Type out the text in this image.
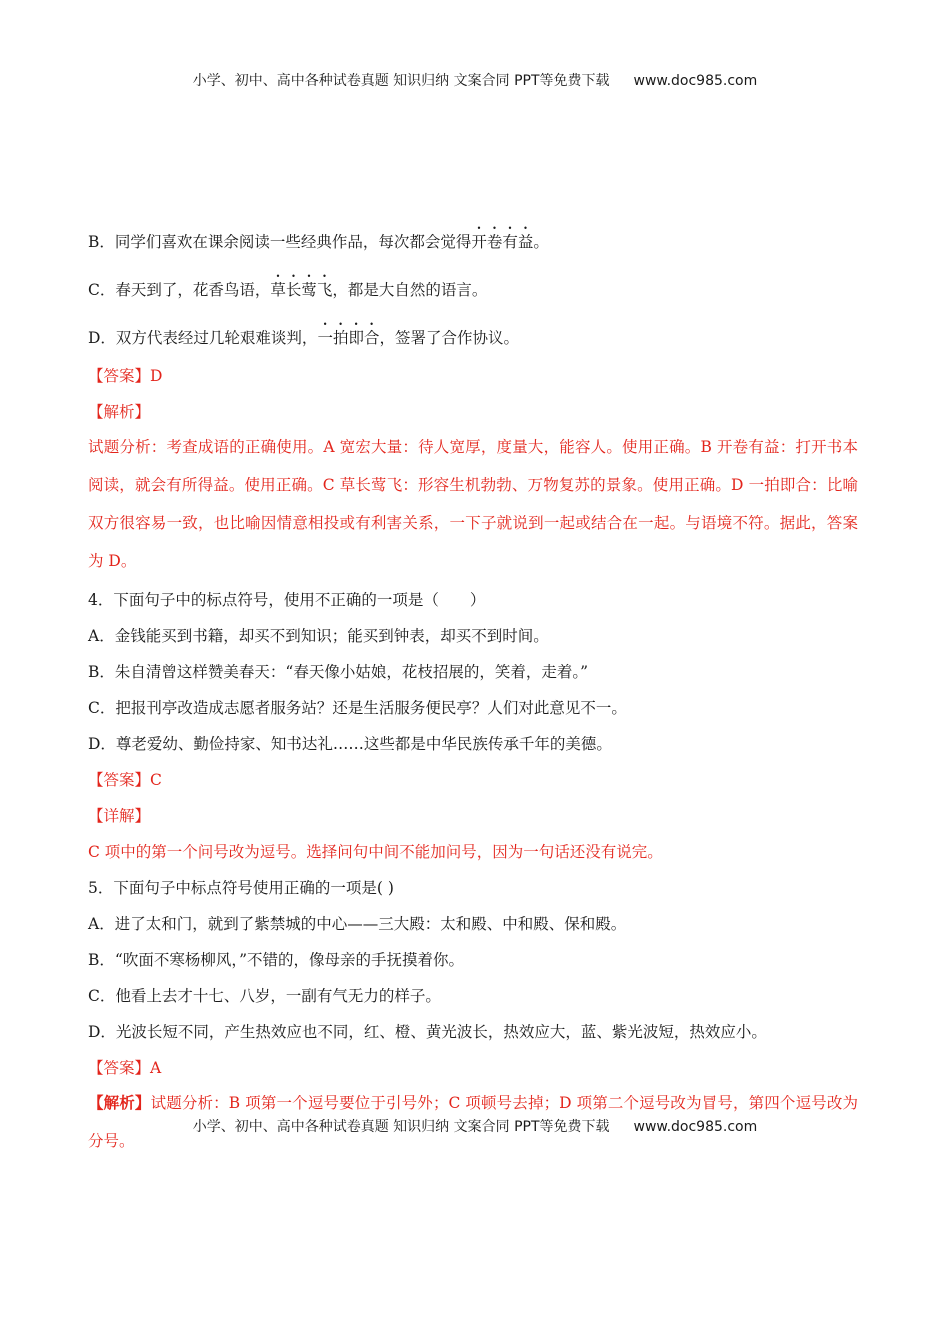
小学、初中、高中各种试卷真题 知识归纳 文案合同 PPT等免费下载 www.doc985.com
B．同学们喜欢在课余阅读一些经典作品，每次都会觉得开卷有益。
C．春天到了，花香鸟语，草长莺飞，都是大自然的语言。
D．双方代表经过几轮艰难谈判，一拍即合，签署了合作协议。
【答案】D
【解析】
试题分析：考查成语的正确使用。A 宽宏大量：待人宽厚，度量大，能容人。使用正确。B 开卷有益：打开书本阅读，就会有所得益。使用正确。C 草长莺飞：形容生机勃勃、万物复苏的景象。使用正确。D 一拍即合：比喻双方很容易一致，也比喻因情意相投或有利害关系，一下子就说到一起或结合在一起。与语境不符。据此，答案为 D。
4．下面句子中的标点符号，使用不正确的一项是（　　）
A．金钱能买到书籍，却买不到知识；能买到钟表，却买不到时间。
B．朱自清曾这样赞美春天：“春天像小姑娘，花枝招展的，笑着，走着。”
C．把报刊亭改造成志愿者服务站？还是生活服务便民亭？人们对此意见不一。
D．尊老爱幼、勤俭持家、知书达礼……这些都是中华民族传承千年的美德。
【答案】C
【详解】
C 项中的第一个问号改为逗号。选择问句中间不能加问号，因为一句话还没有说完。
5．下面句子中标点符号使用正确的一项是( )
A．进了太和门，就到了紫禁城的中心——三大殿：太和殿、中和殿、保和殿。
B．“吹面不寒杨柳风，”不错的，像母亲的手抚摸着你。
C．他看上去才十七、八岁，一副有气无力的样子。
D．光波长短不同，产生热效应也不同，红、橙、黄光波长，热效应大，蓝、紫光波短，热效应小。
【答案】A
【解析】试题分析：B 项第一个逗号要位于引号外；C 项顿号去掉；D 项第二个逗号改为冒号，第四个逗号改为分号。
小学、初中、高中各种试卷真题 知识归纳 文案合同 PPT等免费下载 www.doc985.com
